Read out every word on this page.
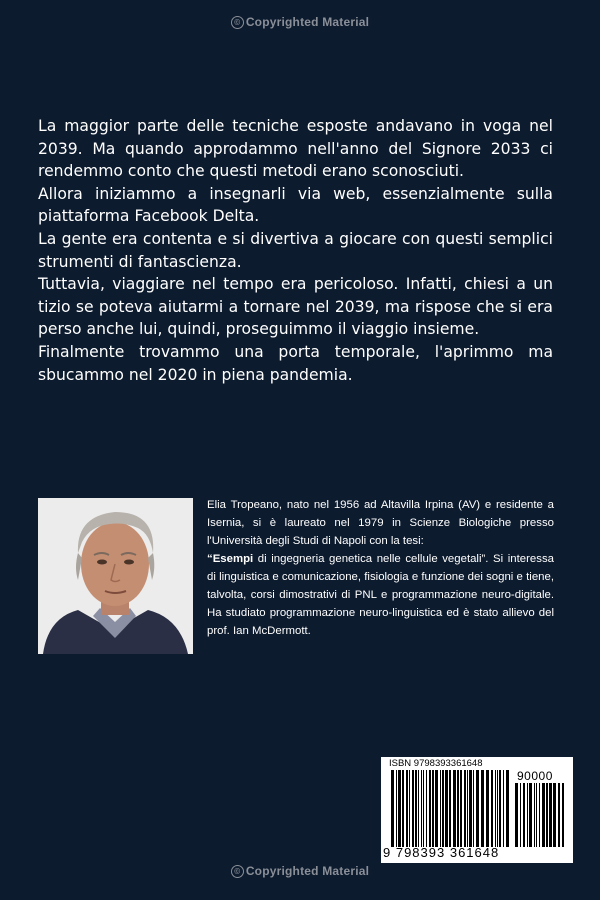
© Copyrighted Material

La maggior parte delle tecniche esposte andavano in voga nel 2039. Ma quando approdammo nell'anno del Signore 2033 ci rendemmo conto che questi metodi erano sconosciuti.

Allora iniziammo a insegnarli via web, essenzialmente sulla piattaforma Facebook Delta.

La gente era contenta e si divertiva a giocare con questi semplici strumenti di fantascienza.

Tuttavia, viaggiare nel tempo era pericoloso. Infatti, chiesi a un tizio se poteva aiutarmi a tornare nel 2039, ma rispose che si era perso anche lui, quindi, proseguimmo il viaggio insieme.

Finalmente trovammo una porta temporale, l'aprimmo ma sbucammo nel 2020 in piena pandemia.

Elia Tropeano, nato nel 1956 ad Altavilla Irpina (AV) e residente a Isernia, si è laureato nel 1979 in Scienze Biologiche presso l'Università degli Studi di Napoli con la tesi:
“Esempi di ingegneria genetica nelle cellule vegetali”. Si interessa di linguistica e comunicazione, fisiologia e funzione dei sogni e tiene, talvolta, corsi dimostrativi di PNL e programmazione neuro-digitale. Ha studiato programmazione neuro-linguistica ed è stato allievo del prof. Ian McDermott.
ISBN 9798393361648
90000
9 798393 361648
© Copyrighted Material
